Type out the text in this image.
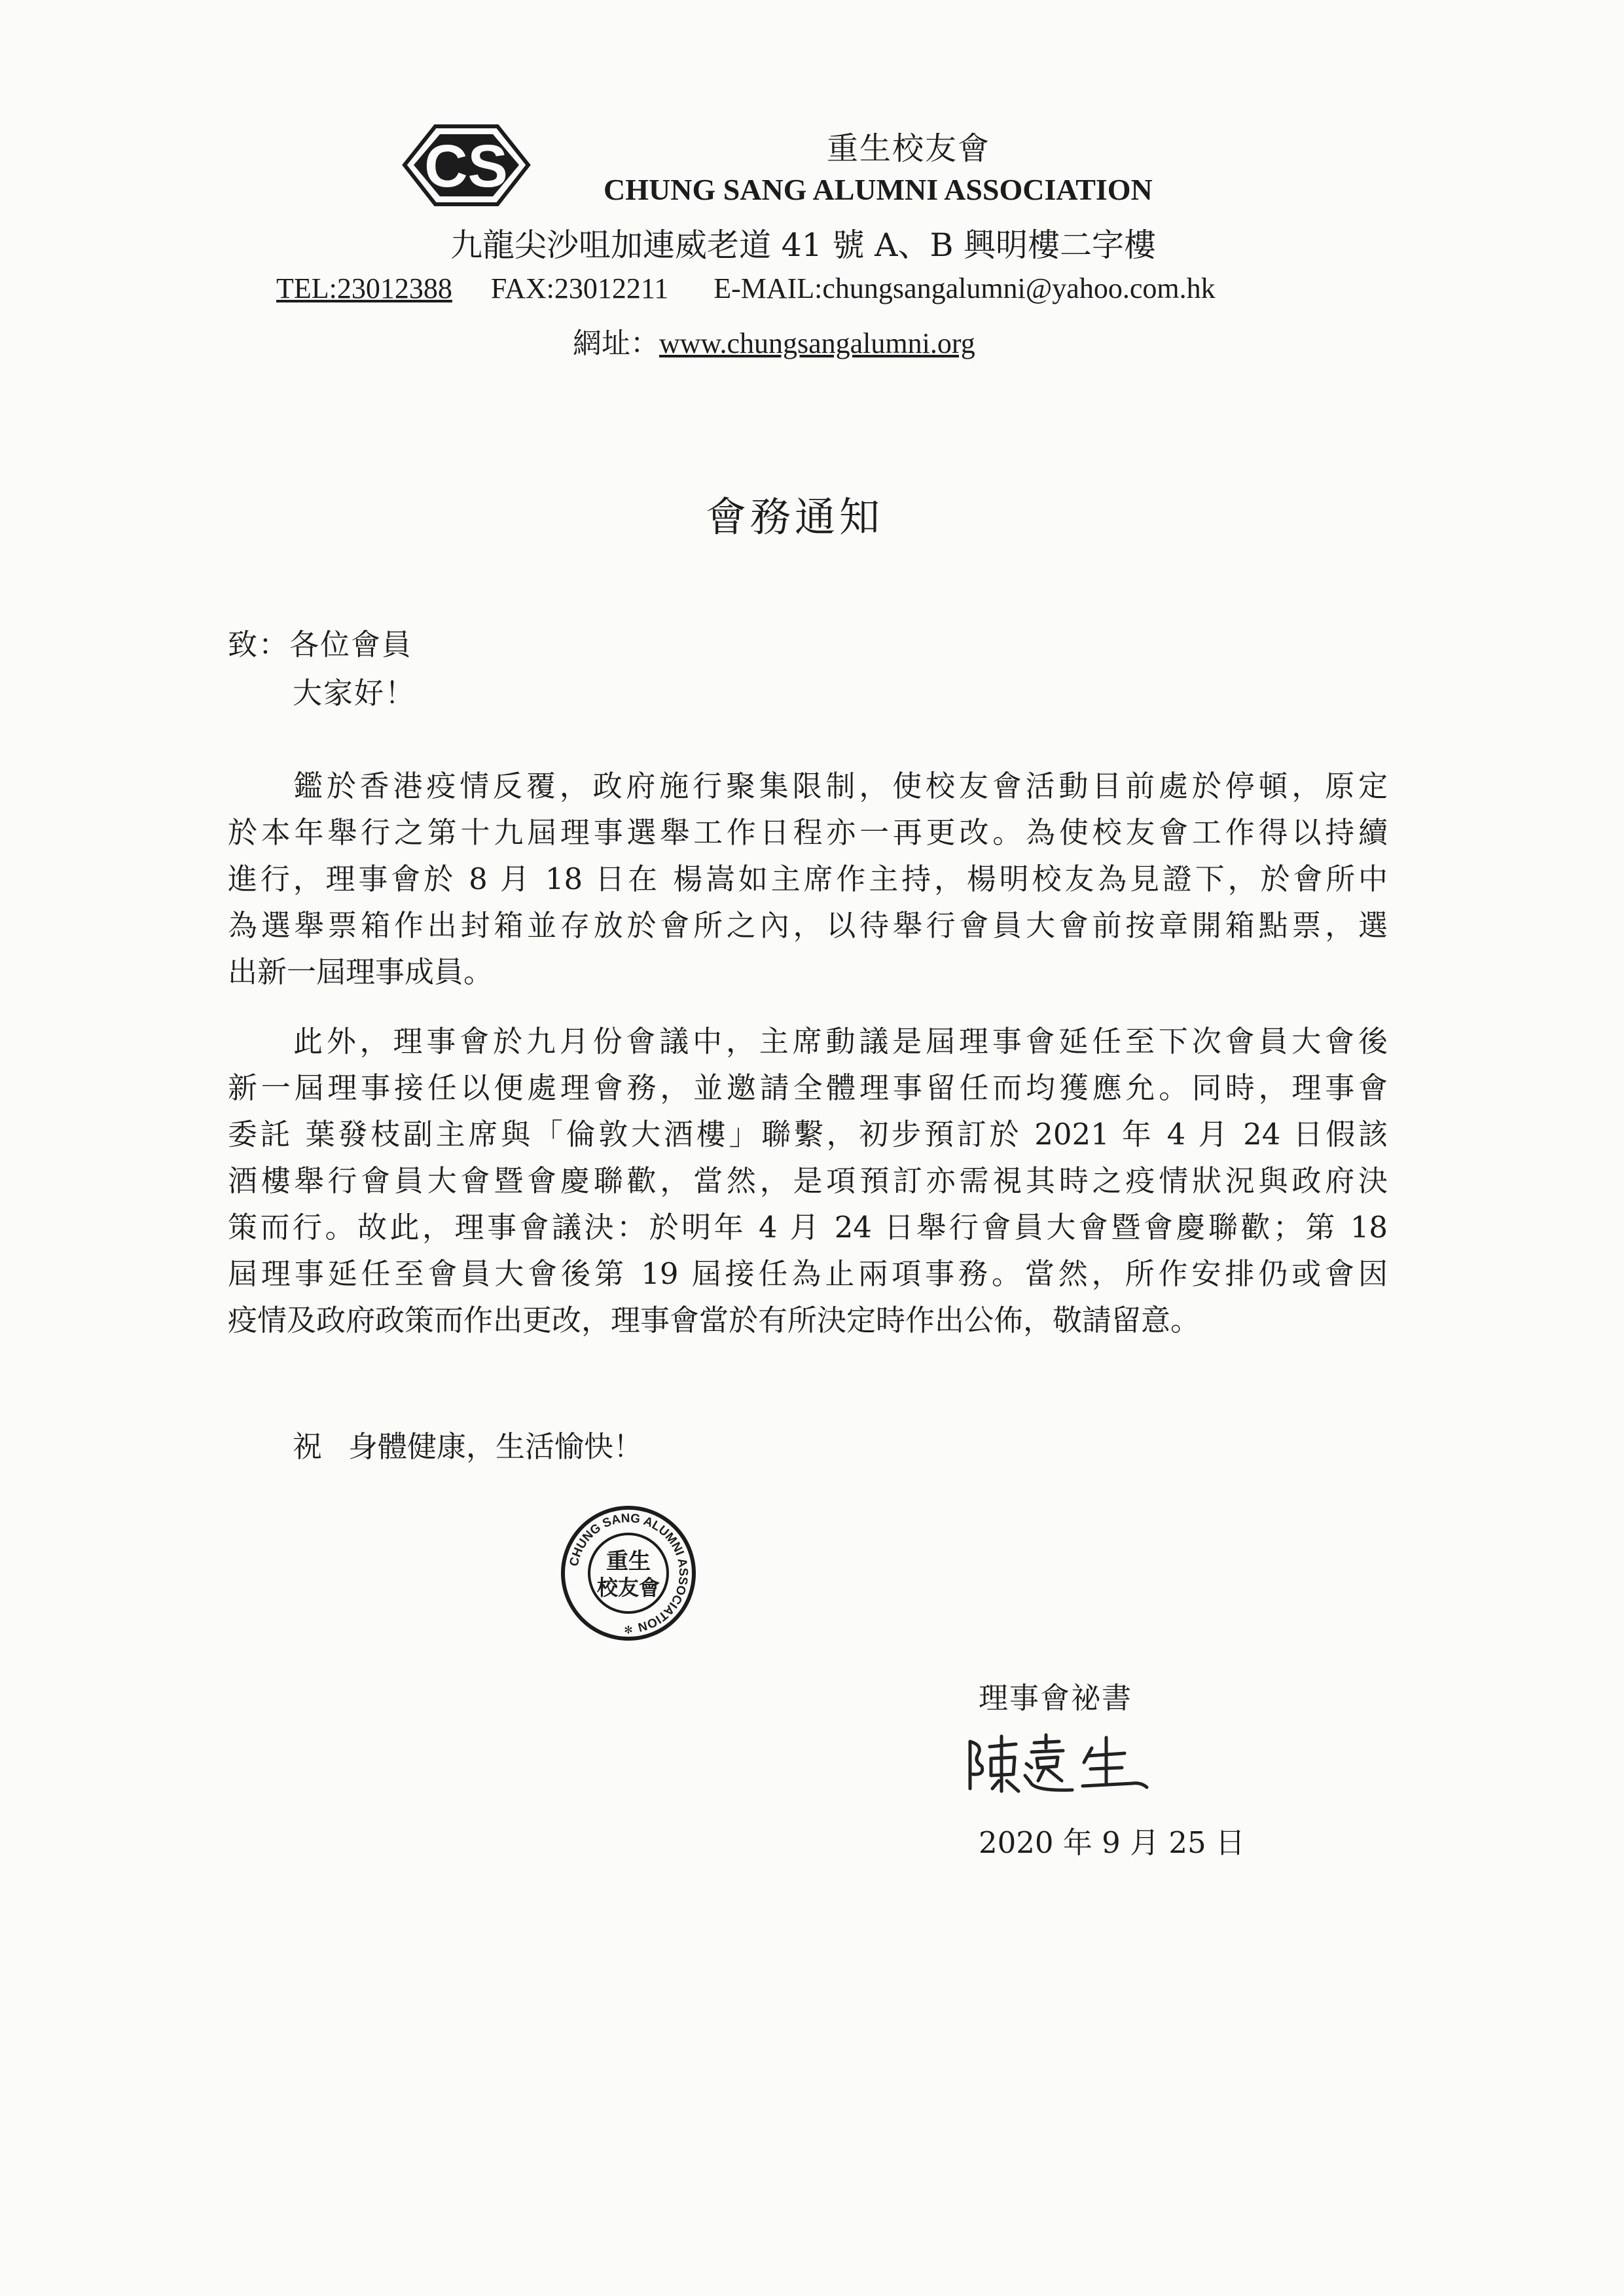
CS	重生校友會
CHUNG SANG ALUMNI ASSOCIATION
九龍尖沙咀加連威老道 41 號 A、B 興明樓二字樓
TEL:23012388 FAX:23012211 E-MAIL:chungsangalumni@yahoo.com.hk
網址：www.chungsangalumni.org
會務通知
致：各位會員
大家好！
鑑於香港疫情反覆，政府施行聚集限制，使校友會活動目前處於停頓，原定
於本年舉行之第十九屆理事選舉工作日程亦一再更改。為使校友會工作得以持續
進行，理事會於 8 月 18 日在 楊嵩如主席作主持，楊明校友為見證下，於會所中
為選舉票箱作出封箱並存放於會所之內，以待舉行會員大會前按章開箱點票，選
出新一屆理事成員。
此外，理事會於九月份會議中，主席動議是屆理事會延任至下次會員大會後
新一屆理事接任以便處理會務，並邀請全體理事留任而均獲應允。同時，理事會
委託 葉發枝副主席與「倫敦大酒樓」聯繫，初步預訂於 2021 年 4 月 24 日假該
酒樓舉行會員大會暨會慶聯歡，當然，是項預訂亦需視其時之疫情狀況與政府決
策而行。故此，理事會議決：於明年 4 月 24 日舉行會員大會暨會慶聯歡；第 18
屆理事延任至會員大會後第 19 屆接任為止兩項事務。當然，所作安排仍或會因
疫情及政府政策而作出更改，理事會當於有所決定時作出公佈，敬請留意。
祝 身體健康，生活愉快！
CHUNG SANG ALUMNI ASSOCIATION
重生
校友會
✻
理事會祕書
2020 年 9 月 25 日
